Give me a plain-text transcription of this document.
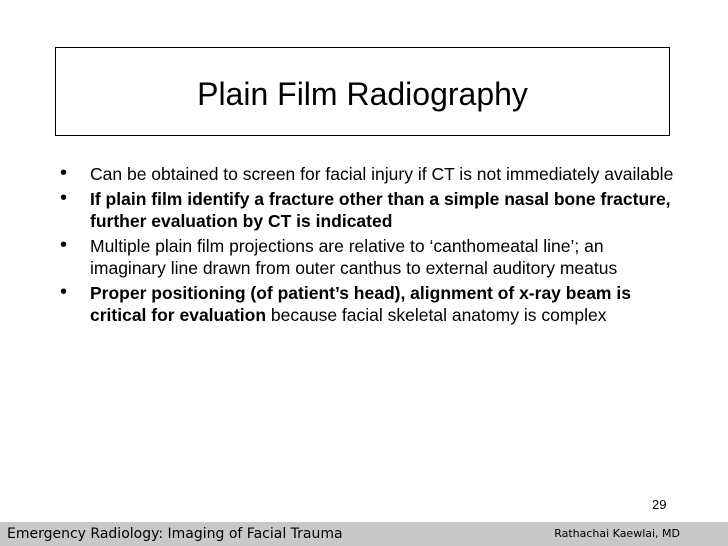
Plain Film Radiography
• Can be obtained to screen for facial injury if CT is not immediately available
• If plain film identify a fracture other than a simple nasal bone fracture, further evaluation by CT is indicated
• Multiple plain film projections are relative to ‘canthomeatal line’; an imaginary line drawn from outer canthus to external auditory meatus
• Proper positioning (of patient’s head), alignment of x-ray beam is critical for evaluation because facial skeletal anatomy is complex
29
Emergency Radiology: Imaging of Facial Trauma	Rathachai Kaewlai, MD
